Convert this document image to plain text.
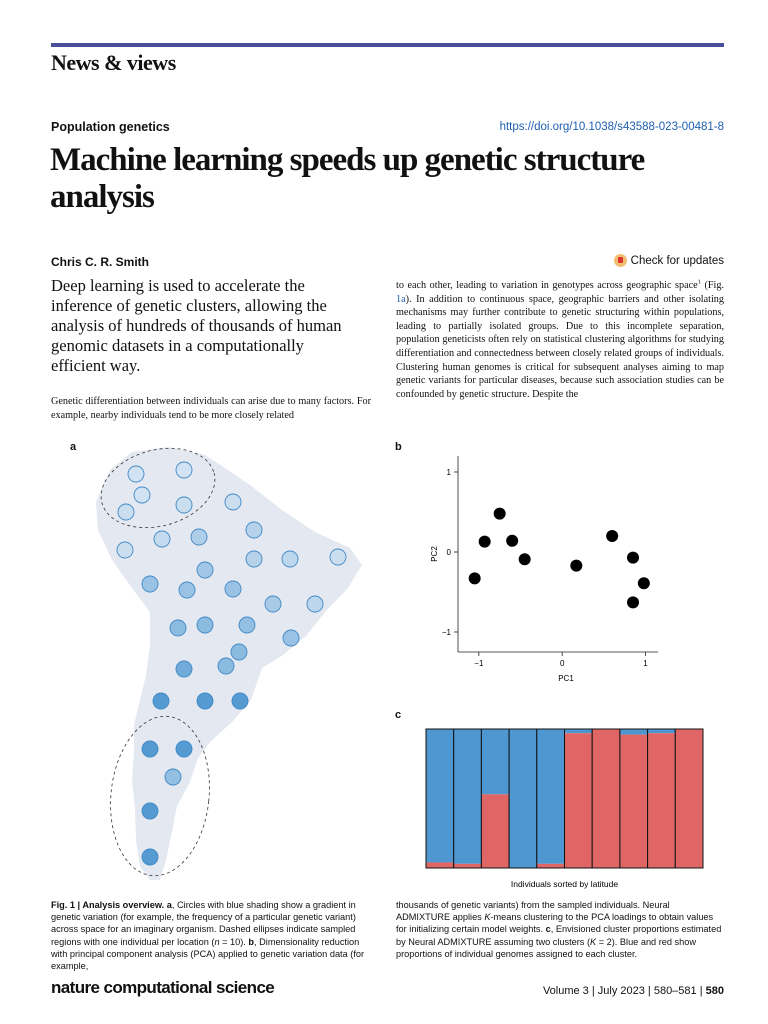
News & views
Population genetics	https://doi.org/10.1038/s43588-023-00481-8
Machine learning speeds up genetic structure analysis
Chris C. R. Smith	Check for updates

Deep learning is used to accelerate the inference of genetic clusters, allowing the analysis of hundreds of thousands of human genomic datasets in a computationally efficient way.

Genetic differentiation between individuals can arise due to many factors. For example, nearby individuals tend to be more closely related

to each other, leading to variation in genotypes across geographic space$^1$ (Fig. 1a). In addition to continuous space, geographic barriers and other isolating mechanisms may further contribute to genetic structuring within populations, leading to partially isolated groups. Due to this incomplete separation, population geneticists often rely on statistical clustering algorithms for studying differentiation and connectedness between closely related groups of individuals. Clustering human genomes is critical for subsequent analyses aiming to map genetic variants for particular diseases, because such association studies can be confounded by genetic structure. Despite the

a	b
−1	0	1
−1
0
1
PC1
PC2
c
Individuals sorted by latitude

Fig. 1 | Analysis overview. a, Circles with blue shading show a gradient in genetic variation (for example, the frequency of a particular genetic variant) across space for an imaginary organism. Dashed ellipses indicate sampled regions with one individual per location (n = 10). b, Dimensionality reduction with principal component analysis (PCA) applied to genetic variation data (for example,

thousands of genetic variants) from the sampled individuals. Neural ADMIXTURE applies K-means clustering to the PCA loadings to obtain values for initializing certain model weights. c, Envisioned cluster proportions estimated by Neural ADMIXTURE assuming two clusters (K = 2). Blue and red show proportions of individual genomes assigned to each cluster.

nature computational science	Volume 3 | July 2023 | 580–581 | 580
